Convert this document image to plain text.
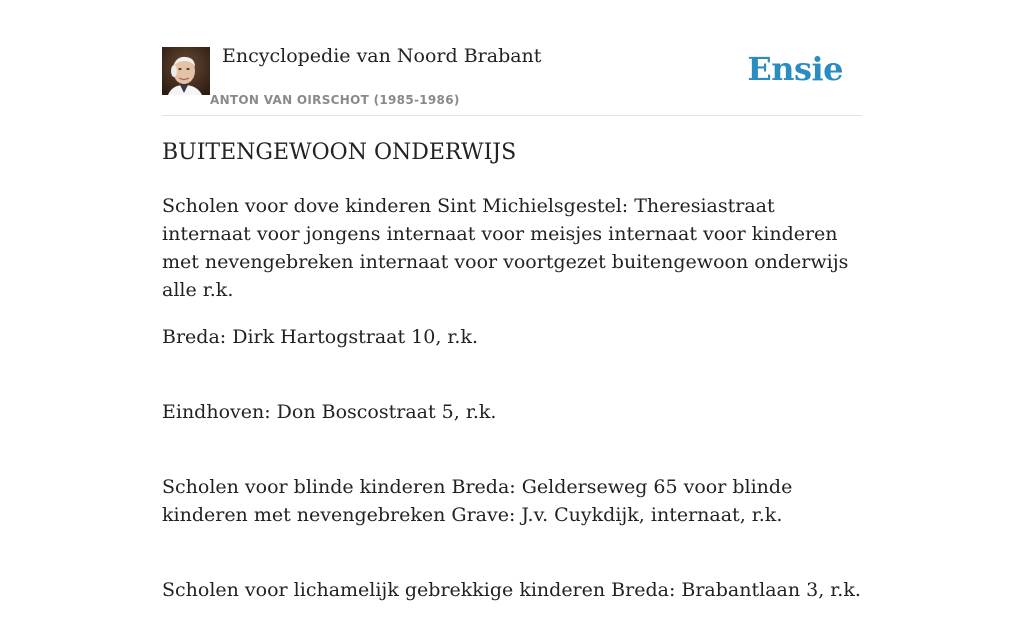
Encyclopedie van Noord Brabant
ANTON VAN OIRSCHOT (1985-1986)
Ensie
BUITENGEWOON ONDERWIJS

Scholen voor dove kinderen Sint Michielsgestel: Theresiastraat internaat voor jongens internaat voor meisjes internaat voor kinderen met nevengebreken internaat voor voortgezet buitengewoon onderwijs alle r.k.

Breda: Dirk Hartogstraat 10, r.k.

Eindhoven: Don Boscostraat 5, r.k.

Scholen voor blinde kinderen Breda: Gelderseweg 65 voor blinde kinderen met nevengebreken Grave: J.v. Cuykdijk, internaat, r.k.

Scholen voor lichamelijk gebrekkige kinderen Breda: Brabantlaan 3, r.k.
